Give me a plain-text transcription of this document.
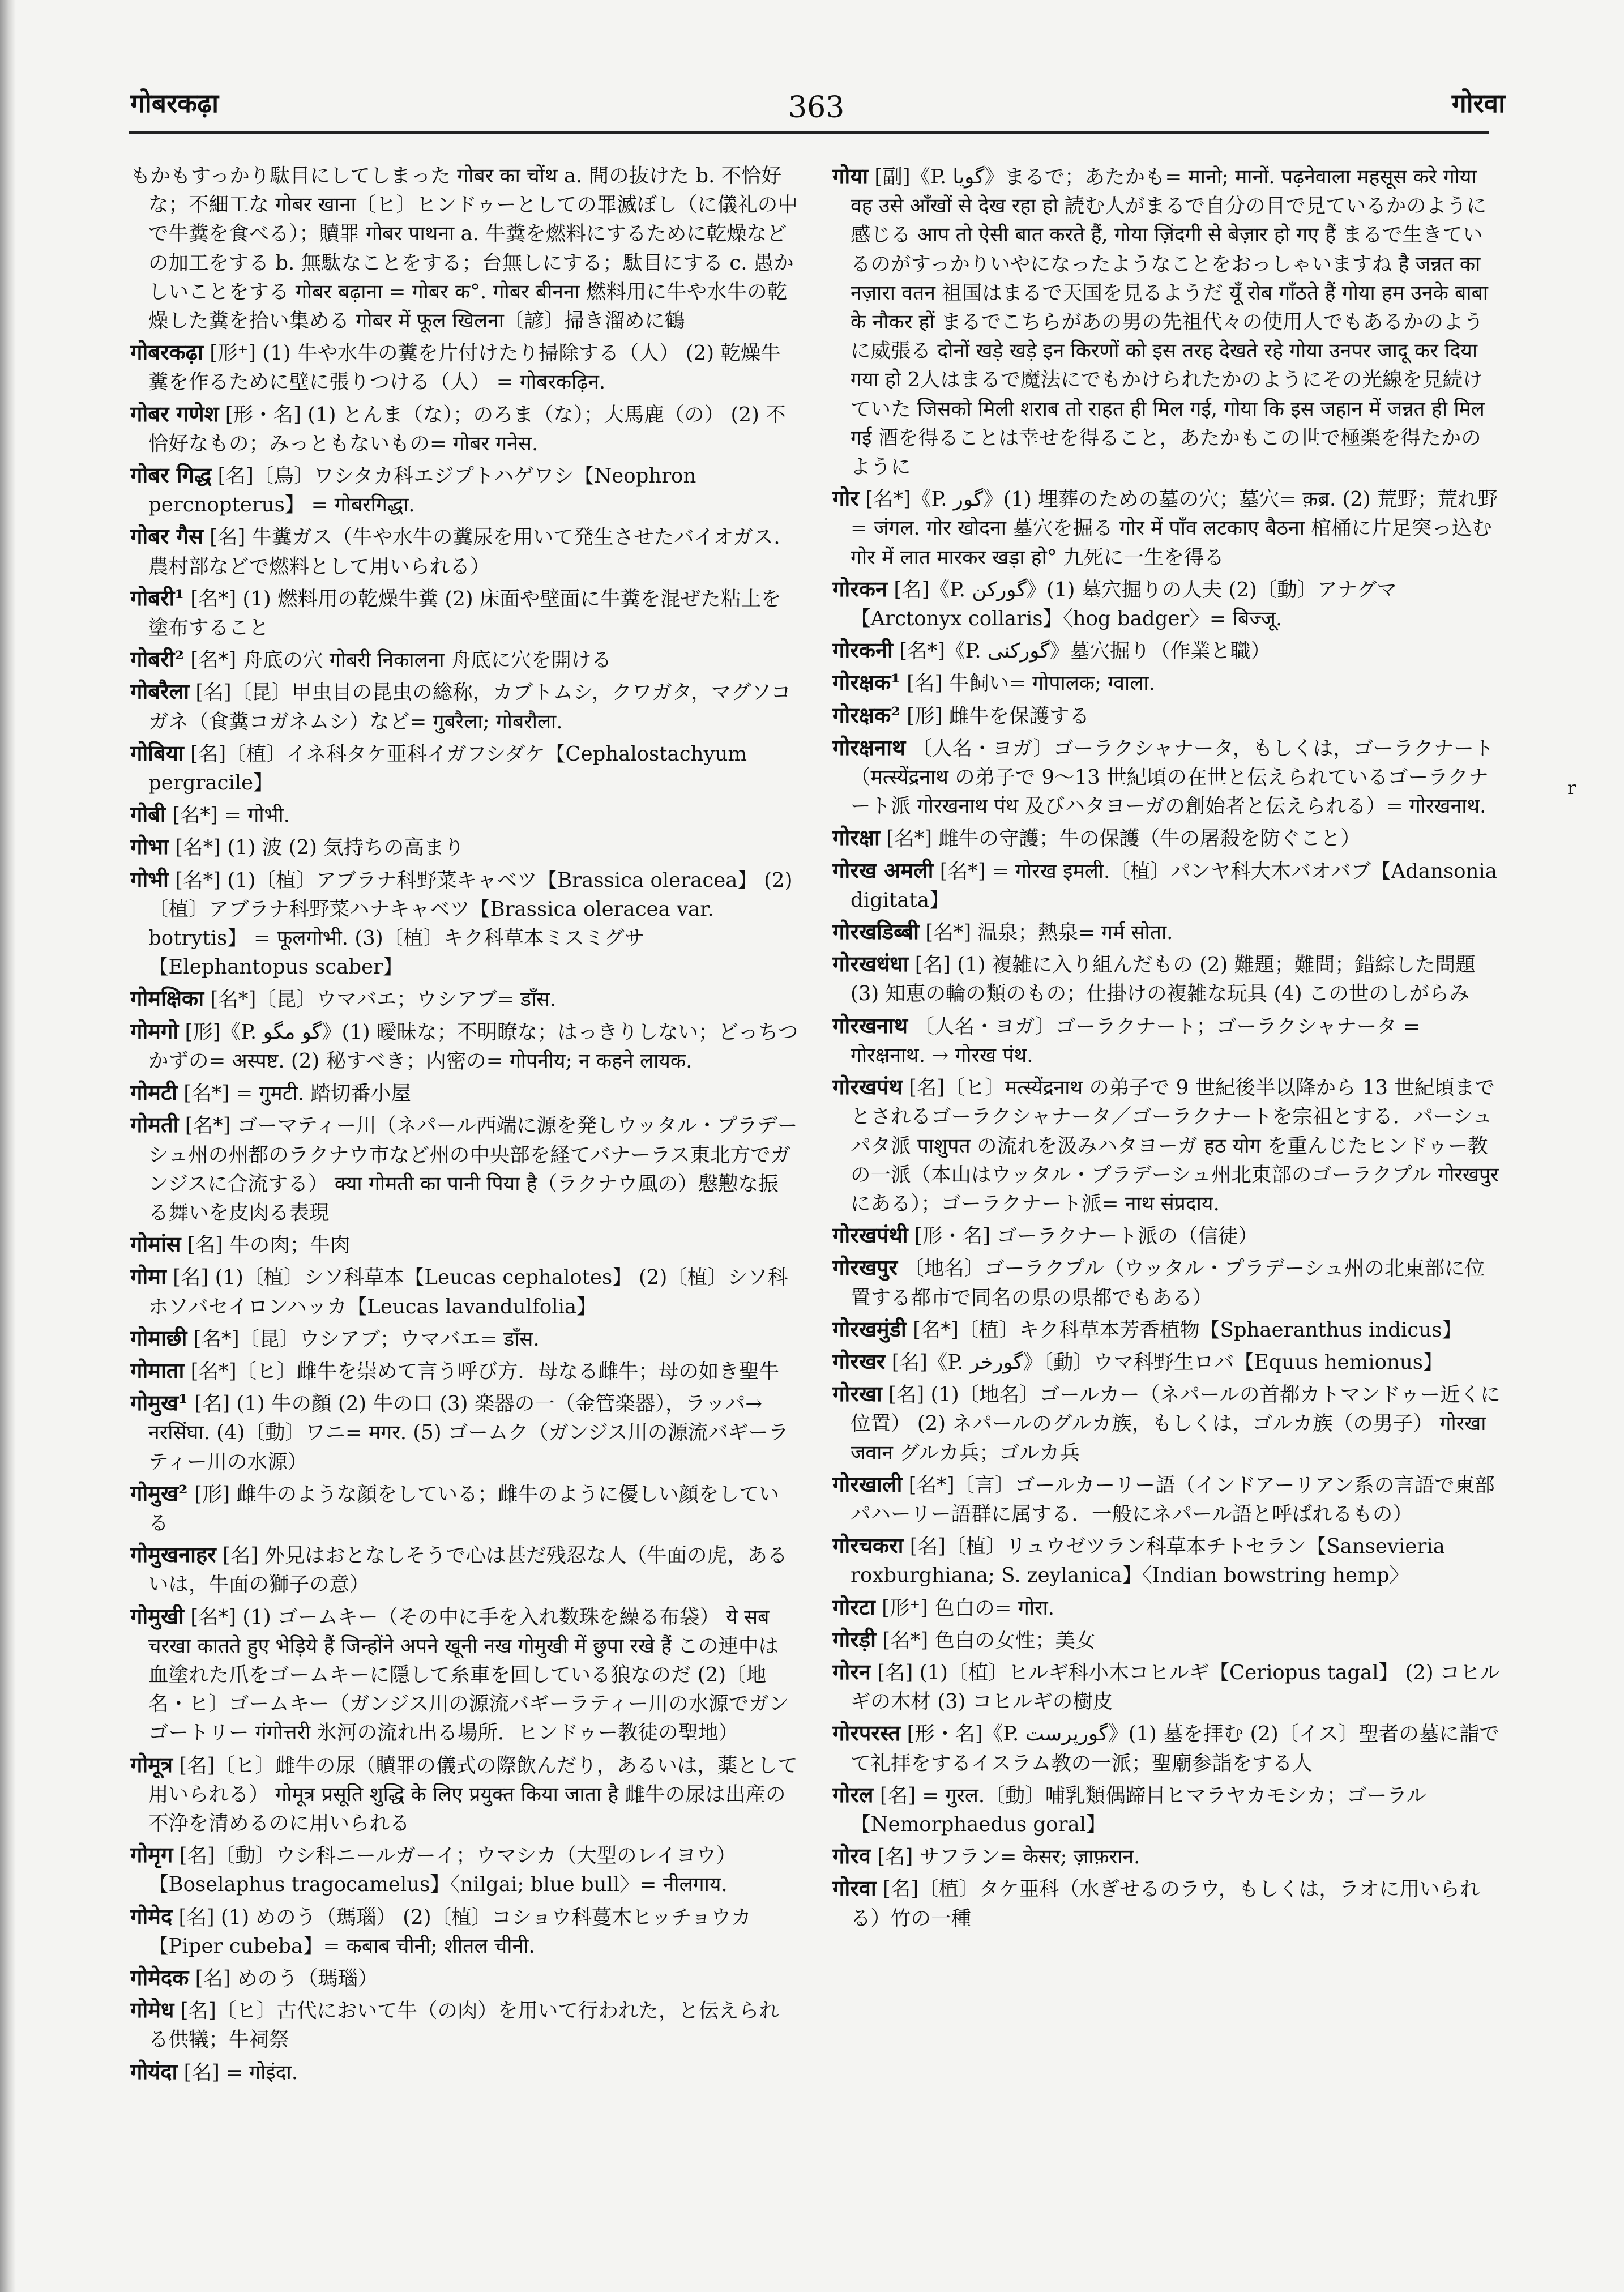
गोबरकढ़ा	363	गोरवा

もかもすっかり駄目にしてしまった गोबर का चोंथ a. 間の抜けた b. 不恰好な；不細工な गोबर खाना〔ヒ〕ヒンドゥーとしての罪滅ぼし（に儀礼の中で牛糞を食べる）；贖罪 गोबर पाथना a. 牛糞を燃料にするために乾燥などの加工をする b. 無駄なことをする；台無しにする；駄目にする c. 愚かしいことをする गोबर बढ़ाना = गोबर क°. गोबर बीनना 燃料用に牛や水牛の乾燥した糞を拾い集める गोबर में फूल खिलना〔諺〕掃き溜めに鶴

गोबरकढ़ा [形⁺] (1) 牛や水牛の糞を片付けたり掃除する（人） (2) 乾燥牛糞を作るために壁に張りつける（人） = गोबरकढ़िन.

गोबर गणेश [形・名] (1) とんま（な）；のろま（な）；大馬鹿（の） (2) 不恰好なもの；みっともないもの= गोबर गनेस.

गोबर गिद्ध [名]〔鳥〕ワシタカ科エジプトハゲワシ【Neophron percnopterus】 = गोबरगिद्धा.

गोबर गैस [名] 牛糞ガス（牛や水牛の糞尿を用いて発生させたバイオガス．農村部などで燃料として用いられる）

गोबरी¹ [名*] (1) 燃料用の乾燥牛糞 (2) 床面や壁面に牛糞を混ぜた粘土を塗布すること

गोबरी² [名*] 舟底の穴 गोबरी निकालना 舟底に穴を開ける

गोबरैला [名]〔昆〕甲虫目の昆虫の総称，カブトムシ，クワガタ，マグソコガネ（食糞コガネムシ）など= गुबरैला; गोबरौला.

गोबिया [名]〔植〕イネ科タケ亜科イガフシダケ【Cephalostachyum pergracile】

गोबी [名*] = गोभी.

गोभा [名*] (1) 波 (2) 気持ちの高まり

गोभी [名*] (1)〔植〕アブラナ科野菜キャベツ【Brassica oleracea】 (2)〔植〕アブラナ科野菜ハナキャベツ【Brassica oleracea var. botrytis】 = फूलगोभी. (3)〔植〕キク科草本ミスミグサ【Elephantopus scaber】

गोमक्षिका [名*]〔昆〕ウマバエ；ウシアブ= डाँस.

गोमगो [形]《P. گو مگو》(1) 曖昧な；不明瞭な；はっきりしない；どっちつかずの= अस्पष्ट. (2) 秘すべき；内密の= गोपनीय; न कहने लायक.

गोमटी [名*] = गुमटी. 踏切番小屋

गोमती [名*] ゴーマティー川（ネパール西端に源を発しウッタル・プラデーシュ州の州都のラクナウ市など州の中央部を経てバナーラス東北方でガンジスに合流する） क्या गोमती का पानी पिया है（ラクナウ風の）慇懃な振る舞いを皮肉る表現

गोमांस [名] 牛の肉；牛肉

गोमा [名] (1)〔植〕シソ科草本【Leucas cephalotes】 (2)〔植〕シソ科ホソバセイロンハッカ【Leucas lavandulfolia】

गोमाछी [名*]〔昆〕ウシアブ；ウマバエ= डाँस.

गोमाता [名*]〔ヒ〕雌牛を崇めて言う呼び方．母なる雌牛；母の如き聖牛

गोमुख¹ [名] (1) 牛の顔 (2) 牛の口 (3) 楽器の一（金管楽器），ラッパ→ नरसिंघा. (4)〔動〕ワニ= मगर. (5) ゴームク（ガンジス川の源流バギーラティー川の水源）

गोमुख² [形] 雌牛のような顔をしている；雌牛のように優しい顔をしている

गोमुखनाहर [名] 外見はおとなしそうで心は甚だ残忍な人（牛面の虎，あるいは，牛面の獅子の意）

गोमुखी [名*] (1) ゴームキー（その中に手を入れ数珠を繰る布袋） ये सब चरखा कातते हुए भेड़िये हैं जिन्होंने अपने खूनी नख गोमुखी में छुपा रखे हैं この連中は血塗れた爪をゴームキーに隠して糸車を回している狼なのだ (2)〔地名・ヒ〕ゴームキー（ガンジス川の源流バギーラティー川の水源でガンゴートリー गंगोत्तरी 氷河の流れ出る場所．ヒンドゥー教徒の聖地）

गोमूत्र [名]〔ヒ〕雌牛の尿（贖罪の儀式の際飲んだり，あるいは，薬として用いられる） गोमूत्र प्रसूति शुद्धि के लिए प्रयुक्त किया जाता है 雌牛の尿は出産の不浄を清めるのに用いられる

गोमृग [名]〔動〕ウシ科ニールガーイ；ウマシカ（大型のレイヨウ）【Boselaphus tragocamelus】〈nilgai; blue bull〉= नीलगाय.

गोमेद [名] (1) めのう（瑪瑙） (2)〔植〕コショウ科蔓木ヒッチョウカ【Piper cubeba】= कबाब चीनी; शीतल चीनी.

गोमेदक [名] めのう（瑪瑙）

गोमेध [名]〔ヒ〕古代において牛（の肉）を用いて行われた，と伝えられる供犠；牛祠祭

गोयंदा [名] = गोइंदा.

गोया [副]《P. گویا》まるで；あたかも= मानो; मानों. पढ़नेवाला महसूस करे गोया वह उसे आँखों से देख रहा हो 読む人がまるで自分の目で見ているかのように感じる आप तो ऐसी बात करते हैं, गोया ज़िंदगी से बेज़ार हो गए हैं まるで生きているのがすっかりいやになったようなことをおっしゃいますね है जन्नत का नज़ारा वतन 祖国はまるで天国を見るようだ यूँ रोब गाँठते हैं गोया हम उनके बाबा के नौकर हों まるでこちらがあの男の先祖代々の使用人でもあるかのように威張る दोनों खड़े खड़े इन किरणों को इस तरह देखते रहे गोया उनपर जादू कर दिया गया हो 2人はまるで魔法にでもかけられたかのようにその光線を見続けていた जिसको मिली शराब तो राहत ही मिल गई, गोया कि इस जहान में जन्नत ही मिल गई 酒を得ることは幸せを得ること，あたかもこの世で極楽を得たかのように

गोर [名*]《P. گور》(1) 埋葬のための墓の穴；墓穴= क़ब्र. (2) 荒野；荒れ野= जंगल. गोर खोदना 墓穴を掘る गोर में पाँव लटकाए बैठना 棺桶に片足突っ込む गोर में लात मारकर खड़ा हो° 九死に一生を得る

गोरकन [名]《P. گورکن》(1) 墓穴掘りの人夫 (2)〔動〕アナグマ【Arctonyx collaris】〈hog badger〉= बिज्जू.

गोरकनी [名*]《P. گورکنی》墓穴掘り（作業と職）

गोरक्षक¹ [名] 牛飼い= गोपालक; ग्वाला.

गोरक्षक² [形] 雌牛を保護する

गोरक्षनाथ 〔人名・ヨガ〕ゴーラクシャナータ，もしくは，ゴーラクナート（मत्स्येंद्रनाथ の弟子で 9～13 世紀頃の在世と伝えられているゴーラクナート派 गोरखनाथ पंथ 及びハタヨーガの創始者と伝えられる）= गोरखनाथ.

गोरक्षा [名*] 雌牛の守護；牛の保護（牛の屠殺を防ぐこと）

गोरख अमली [名*] = गोरख इमली.〔植〕パンヤ科大木バオバブ【Adansonia digitata】

गोरखडिब्बी [名*] 温泉；熱泉= गर्म सोता.

गोरखधंधा [名] (1) 複雑に入り組んだもの (2) 難題；難問；錯綜した問題 (3) 知恵の輪の類のもの；仕掛けの複雑な玩具 (4) この世のしがらみ

गोरखनाथ 〔人名・ヨガ〕ゴーラクナート；ゴーラクシャナータ = गोरक्षनाथ. → गोरख पंथ.

गोरखपंथ [名]〔ヒ〕मत्स्येंद्रनाथ の弟子で 9 世紀後半以降から 13 世紀頃までとされるゴーラクシャナータ／ゴーラクナートを宗祖とする．パーシュパタ派 पाशुपत の流れを汲みハタヨーガ हठ योग を重んじたヒンドゥー教の一派（本山はウッタル・プラデーシュ州北東部のゴーラクプル गोरखपुर にある）；ゴーラクナート派= नाथ संप्रदाय.

गोरखपंथी [形・名] ゴーラクナート派の（信徒）

गोरखपुर 〔地名〕ゴーラクプル（ウッタル・プラデーシュ州の北東部に位置する都市で同名の県の県都でもある）

गोरखमुंडी [名*]〔植〕キク科草本芳香植物【Sphaeranthus indicus】

गोरखर [名]《P. گورخر》〔動〕ウマ科野生ロバ【Equus hemionus】

गोरखा [名] (1)〔地名〕ゴールカー（ネパールの首都カトマンドゥー近くに位置） (2) ネパールのグルカ族，もしくは，ゴルカ族（の男子） गोरखा जवान グルカ兵；ゴルカ兵

गोरखाली [名*]〔言〕ゴールカーリー語（インドアーリアン系の言語で東部パハーリー語群に属する．一般にネパール語と呼ばれるもの）

गोरचकरा [名]〔植〕リュウゼツラン科草本チトセラン【Sansevieria roxburghiana; S. zeylanica】〈Indian bowstring hemp〉

गोरटा [形⁺] 色白の= गोरा.

गोरड़ी [名*] 色白の女性；美女

गोरन [名] (1)〔植〕ヒルギ科小木コヒルギ【Ceriopus tagal】 (2) コヒルギの木材 (3) コヒルギの樹皮

गोरपरस्त [形・名]《P. گورپرست》(1) 墓を拝む (2)〔イス〕聖者の墓に詣でて礼拝をするイスラム教の一派；聖廟参詣をする人

गोरल [名] = गुरल.〔動〕哺乳類偶蹄目ヒマラヤカモシカ；ゴーラル【Nemorphaedus goral】

गोरव [名] サフラン= केसर; ज़ाफ़रान.

गोरवा [名]〔植〕タケ亜科（水ぎせるのラウ，もしくは，ラオに用いられる）竹の一種

r
